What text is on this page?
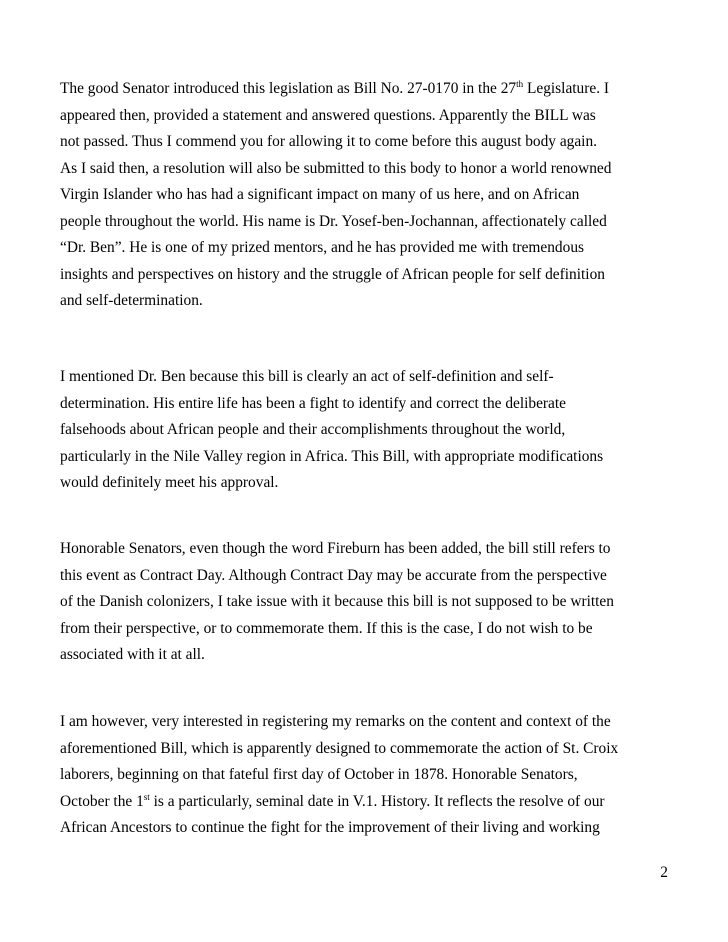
The good Senator introduced this legislation as Bill No. 27-0170 in the 27th Legislature. I
appeared then, provided a statement and answered questions. Apparently the BILL was
not passed. Thus I commend you for allowing it to come before this august body again.
As I said then, a resolution will also be submitted to this body to honor a world renowned
Virgin Islander who has had a significant impact on many of us here, and on African
people throughout the world. His name is Dr. Yosef-ben-Jochannan, affectionately called
“Dr. Ben”. He is one of my prized mentors, and he has provided me with tremendous
insights and perspectives on history and the struggle of African people for self definition
and self-determination.
I mentioned Dr. Ben because this bill is clearly an act of self-definition and self-
determination. His entire life has been a fight to identify and correct the deliberate
falsehoods about African people and their accomplishments throughout the world,
particularly in the Nile Valley region in Africa. This Bill, with appropriate modifications
would definitely meet his approval.
Honorable Senators, even though the word Fireburn has been added, the bill still refers to
this event as Contract Day. Although Contract Day may be accurate from the perspective
of the Danish colonizers, I take issue with it because this bill is not supposed to be written
from their perspective, or to commemorate them. If this is the case, I do not wish to be
associated with it at all.
I am however, very interested in registering my remarks on the content and context of the
aforementioned Bill, which is apparently designed to commemorate the action of St. Croix
laborers, beginning on that fateful first day of October in 1878. Honorable Senators,
October the 1st is a particularly, seminal date in V.1. History. It reflects the resolve of our
African Ancestors to continue the fight for the improvement of their living and working
2
